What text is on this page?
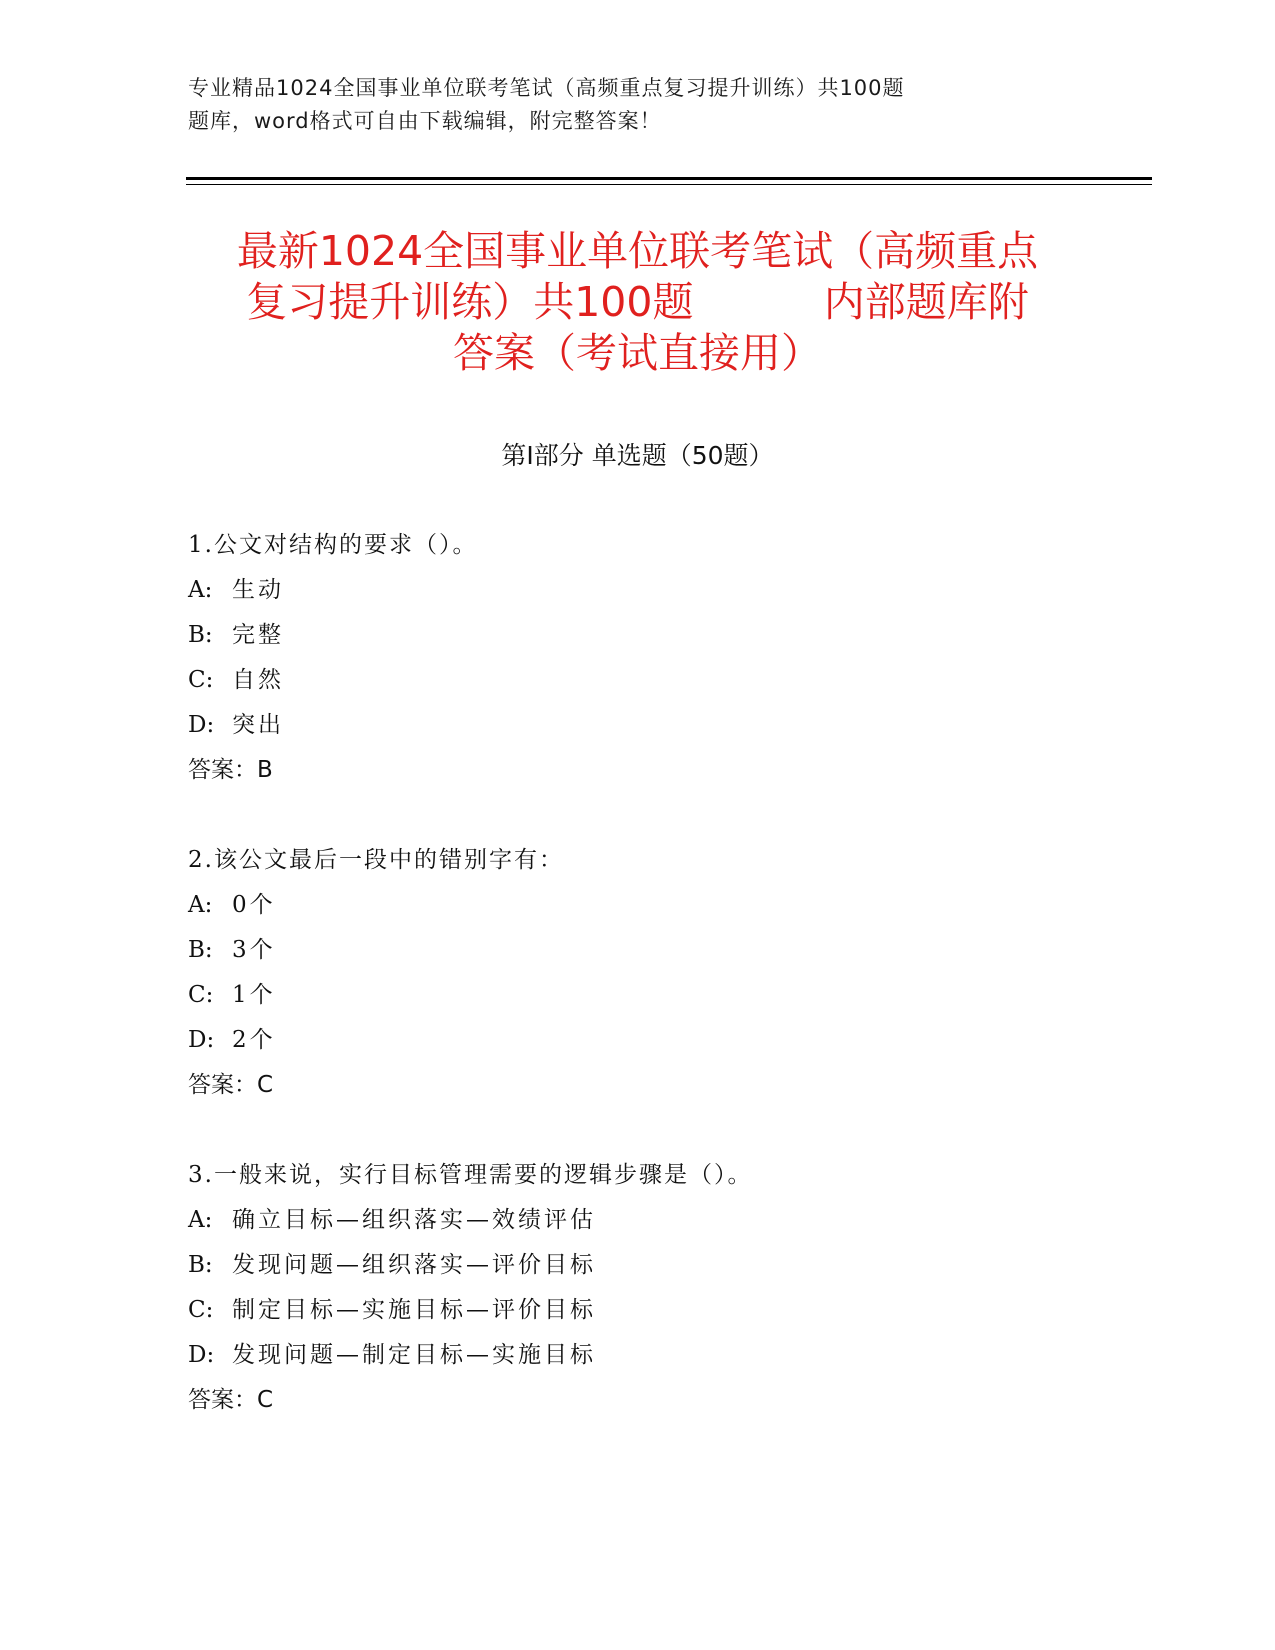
专业精品1024全国事业单位联考笔试（高频重点复习提升训练）共100题
题库，word格式可自由下载编辑，附完整答案！
最新1024全国事业单位联考笔试（高频重点
复习提升训练）共100题          内部题库附
答案（考试直接用）
第I部分 单选题（50题）
1.公文对结构的要求（）。
A: 生动
B: 完整
C: 自然
D: 突出
答案：B
2.该公文最后一段中的错别字有：
A: 0个
B: 3个
C: 1个
D: 2个
答案：C
3.一般来说，实行目标管理需要的逻辑步骤是（）。
A: 确立目标—组织落实—效绩评估
B: 发现问题—组织落实—评价目标
C: 制定目标—实施目标—评价目标
D: 发现问题—制定目标—实施目标
答案：C
